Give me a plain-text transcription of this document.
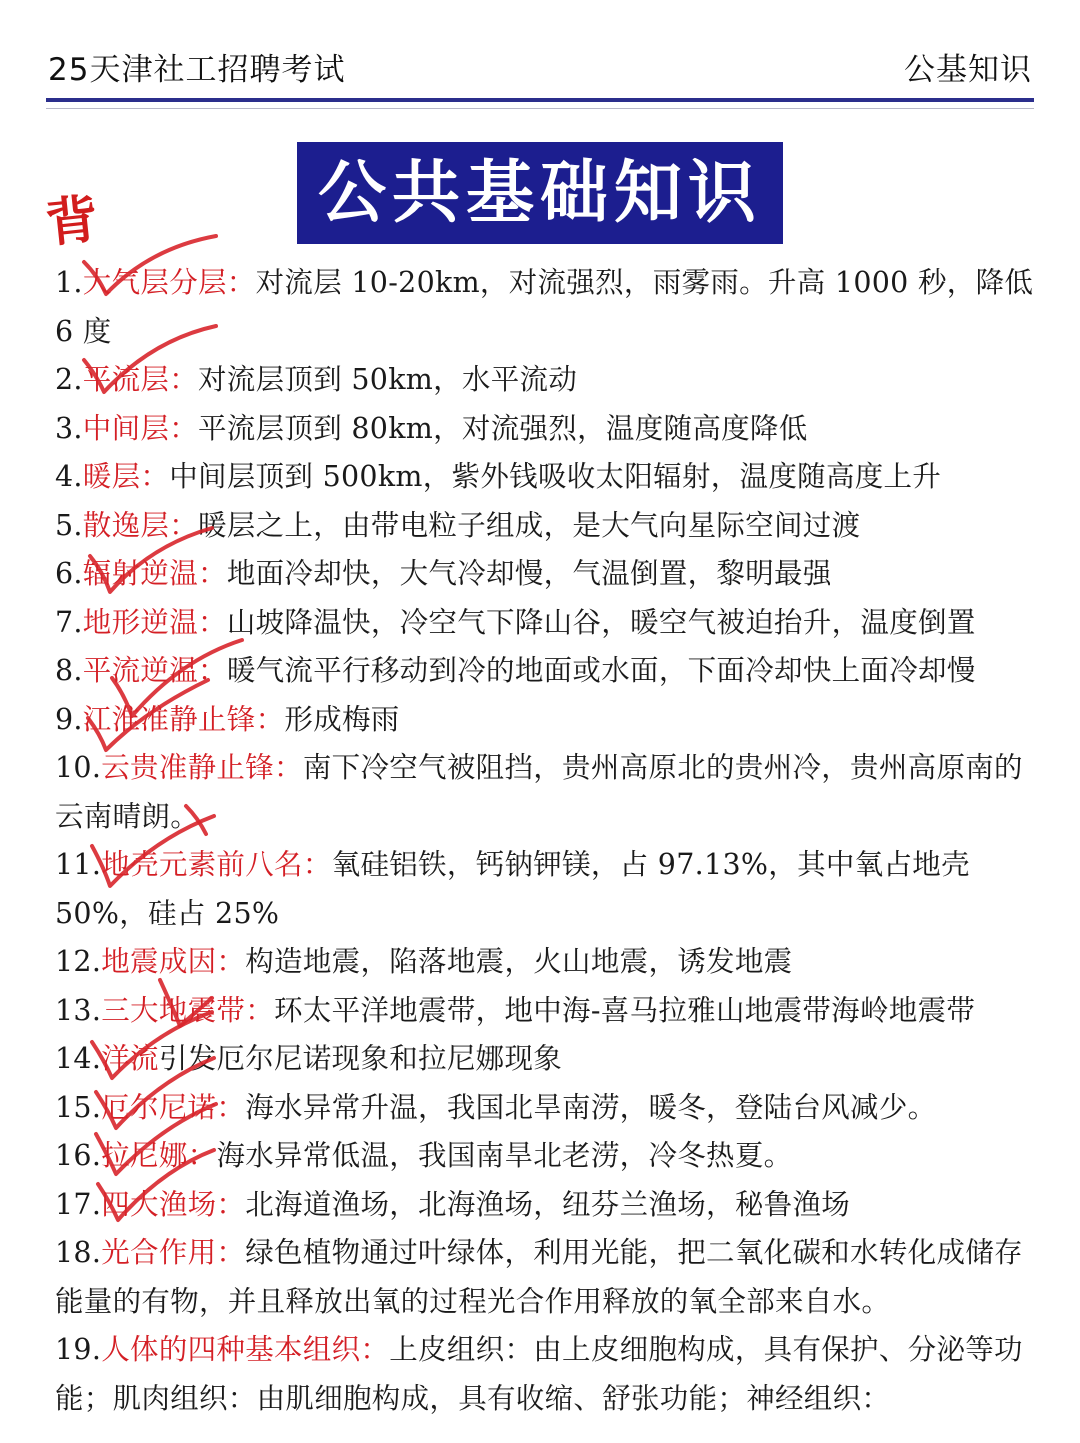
25天津社工招聘考试	公基知识
公共基础知识
背
1.大气层分层：对流层 10-20km，对流强烈，雨雾雨。升高 1000 秒，降低 6 度
2.平流层：对流层顶到 50km，水平流动
3.中间层：平流层顶到 80km，对流强烈，温度随高度降低
4.暖层：中间层顶到 500km，紫外钱吸收太阳辐射，温度随高度上升
5.散逸层：暖层之上，由带电粒子组成，是大气向星际空间过渡
6.辐射逆温：地面冷却快，大气冷却慢，气温倒置，黎明最强
7.地形逆温：山坡降温快，冷空气下降山谷，暖空气被迫抬升，温度倒置
8.平流逆温：暖气流平行移动到冷的地面或水面，下面冷却快上面冷却慢
9.江淮准静止锋：形成梅雨
10.云贵准静止锋：南下冷空气被阻挡，贵州高原北的贵州冷，贵州高原南的云南晴朗。
11.地壳元素前八名：氧硅铝铁，钙钠钾镁，占 97.13%，其中氧占地壳 50%，硅占 25%
12.地震成因：构造地震，陷落地震，火山地震，诱发地震
13.三大地震带：环太平洋地震带，地中海-喜马拉雅山地震带海岭地震带
14.洋流引发厄尔尼诺现象和拉尼娜现象
15.厄尔尼诺：海水异常升温，我国北旱南涝，暖冬，登陆台风减少。
16.拉尼娜：海水异常低温，我国南旱北老涝，冷冬热夏。
17.四大渔场：北海道渔场，北海渔场，纽芬兰渔场，秘鲁渔场
18.光合作用：绿色植物通过叶绿体，利用光能，把二氧化碳和水转化成储存能量的有物，并且释放出氧的过程光合作用释放的氧全部来自水。
19.人体的四种基本组织：上皮组织：由上皮细胞构成，具有保护、分泌等功能；肌肉组织：由肌细胞构成，具有收缩、舒张功能；神经组织：
